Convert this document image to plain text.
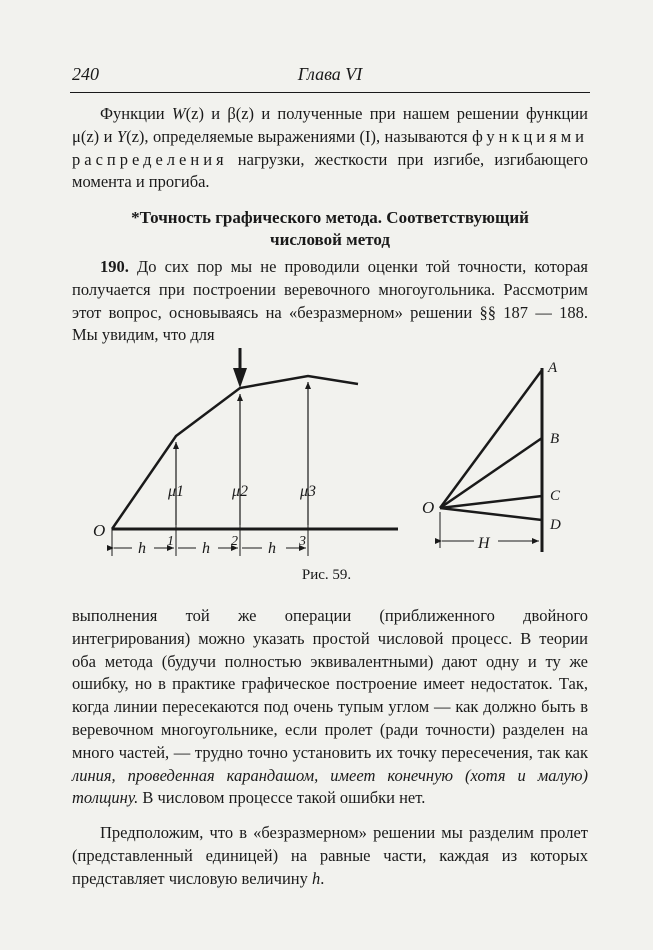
240	Глава VI
Функции W(z) и β(z) и полученные при нашем решении функции μ(z) и Y(z), определяемые выражениями (I), называются функциями распределения нагрузки, жесткости при изгибе, изгибающего момента и прогиба.
*Точность графического метода. Соответствующий
числовой метод
190. До сих пор мы не проводили оценки той точности, которая получается при построении веревочного многоугольника. Рассмотрим этот вопрос, основываясь на «безразмерном» решении §§ 187 — 188. Мы увидим, что для
O
μ1	μ2	μ3
1	2	3
h	h	h
O
A
B
C
D
H
Рис. 59.
выполнения той же операции (приближенного двойного интегрирования) можно указать простой числовой процесс. В теории оба метода (будучи полностью эквивалентными) дают одну и ту же ошибку, но в практике графическое построение имеет недостаток. Так, когда линии пересекаются под очень тупым углом — как должно быть в веревочном многоугольнике, если пролет (ради точности) разделен на много частей, — трудно точно установить их точку пересечения, так как линия, проведенная карандашом, имеет конечную (хотя и малую) толщину. В числовом процессе такой ошибки нет.
Предположим, что в «безразмерном» решении мы разделим пролет (представленный единицей) на равные части, каждая из которых представляет числовую величину h.
